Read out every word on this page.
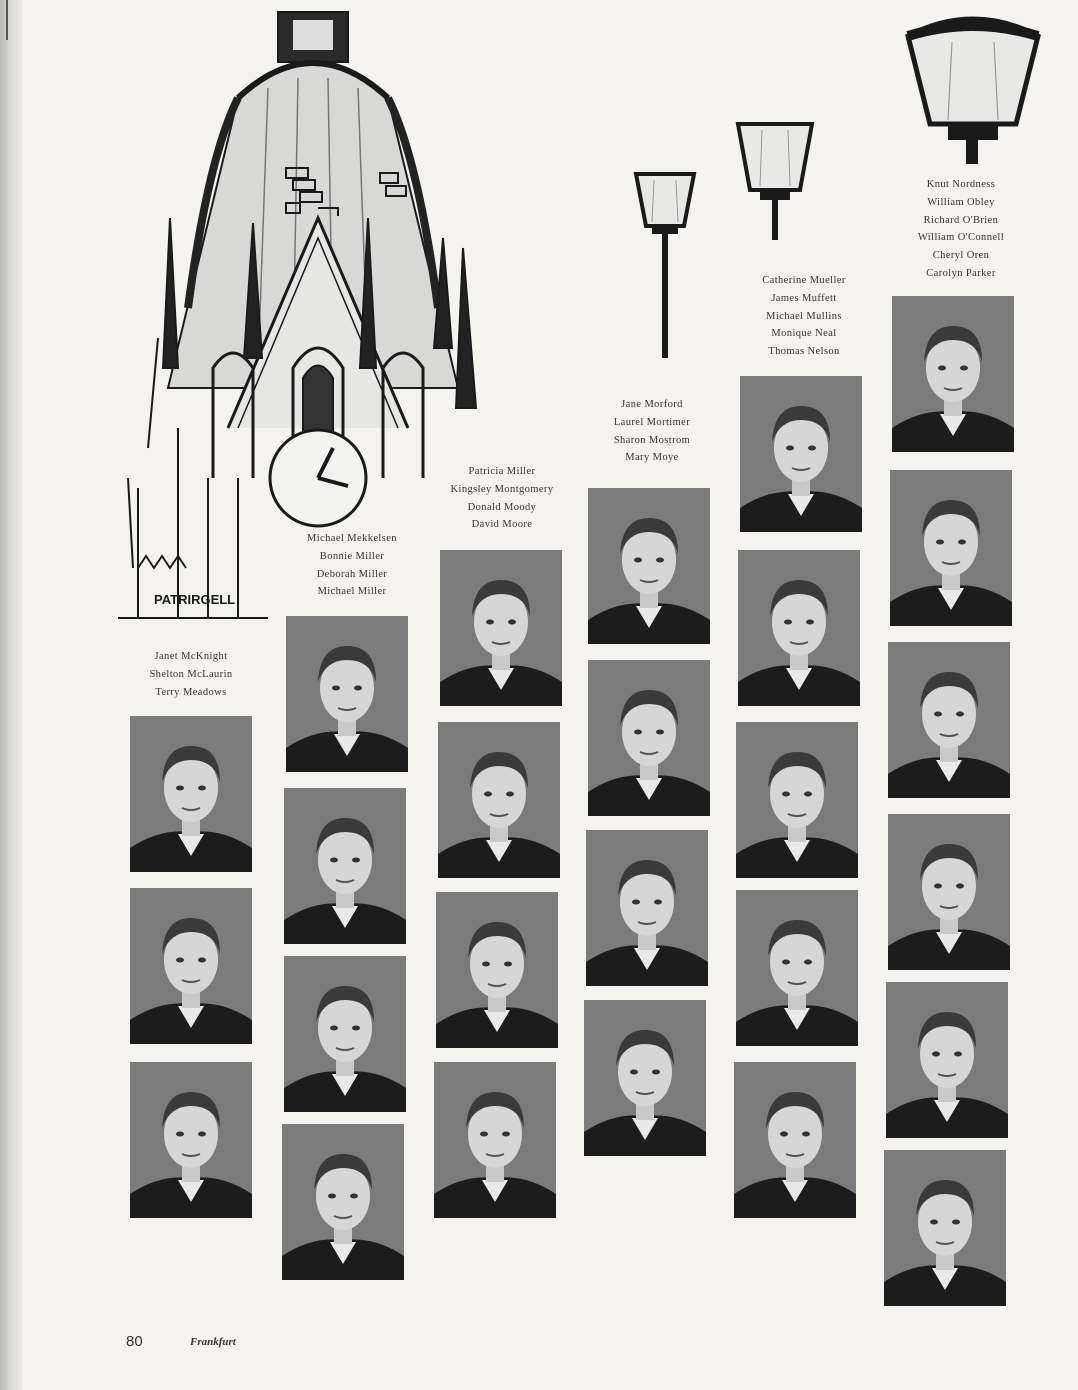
PATRIRGELL
Janet McKnight
Shelton McLaurin
Terry Meadows
Michael Mekkelsen
Bonnie Miller
Deborah Miller
Michael Miller
Patricia Miller
Kingsley Montgomery
Donald Moody
David Moore
Jane Morford
Laurel Mortimer
Sharon Mostrom
Mary Moye
Catherine Mueller
James Muffett
Michael Mullins
Monique Neal
Thomas Nelson
Knut Nordness
William Obley
Richard O'Brien
William O'Connell
Cheryl Oren
Carolyn Parker
80	Frankfurt
